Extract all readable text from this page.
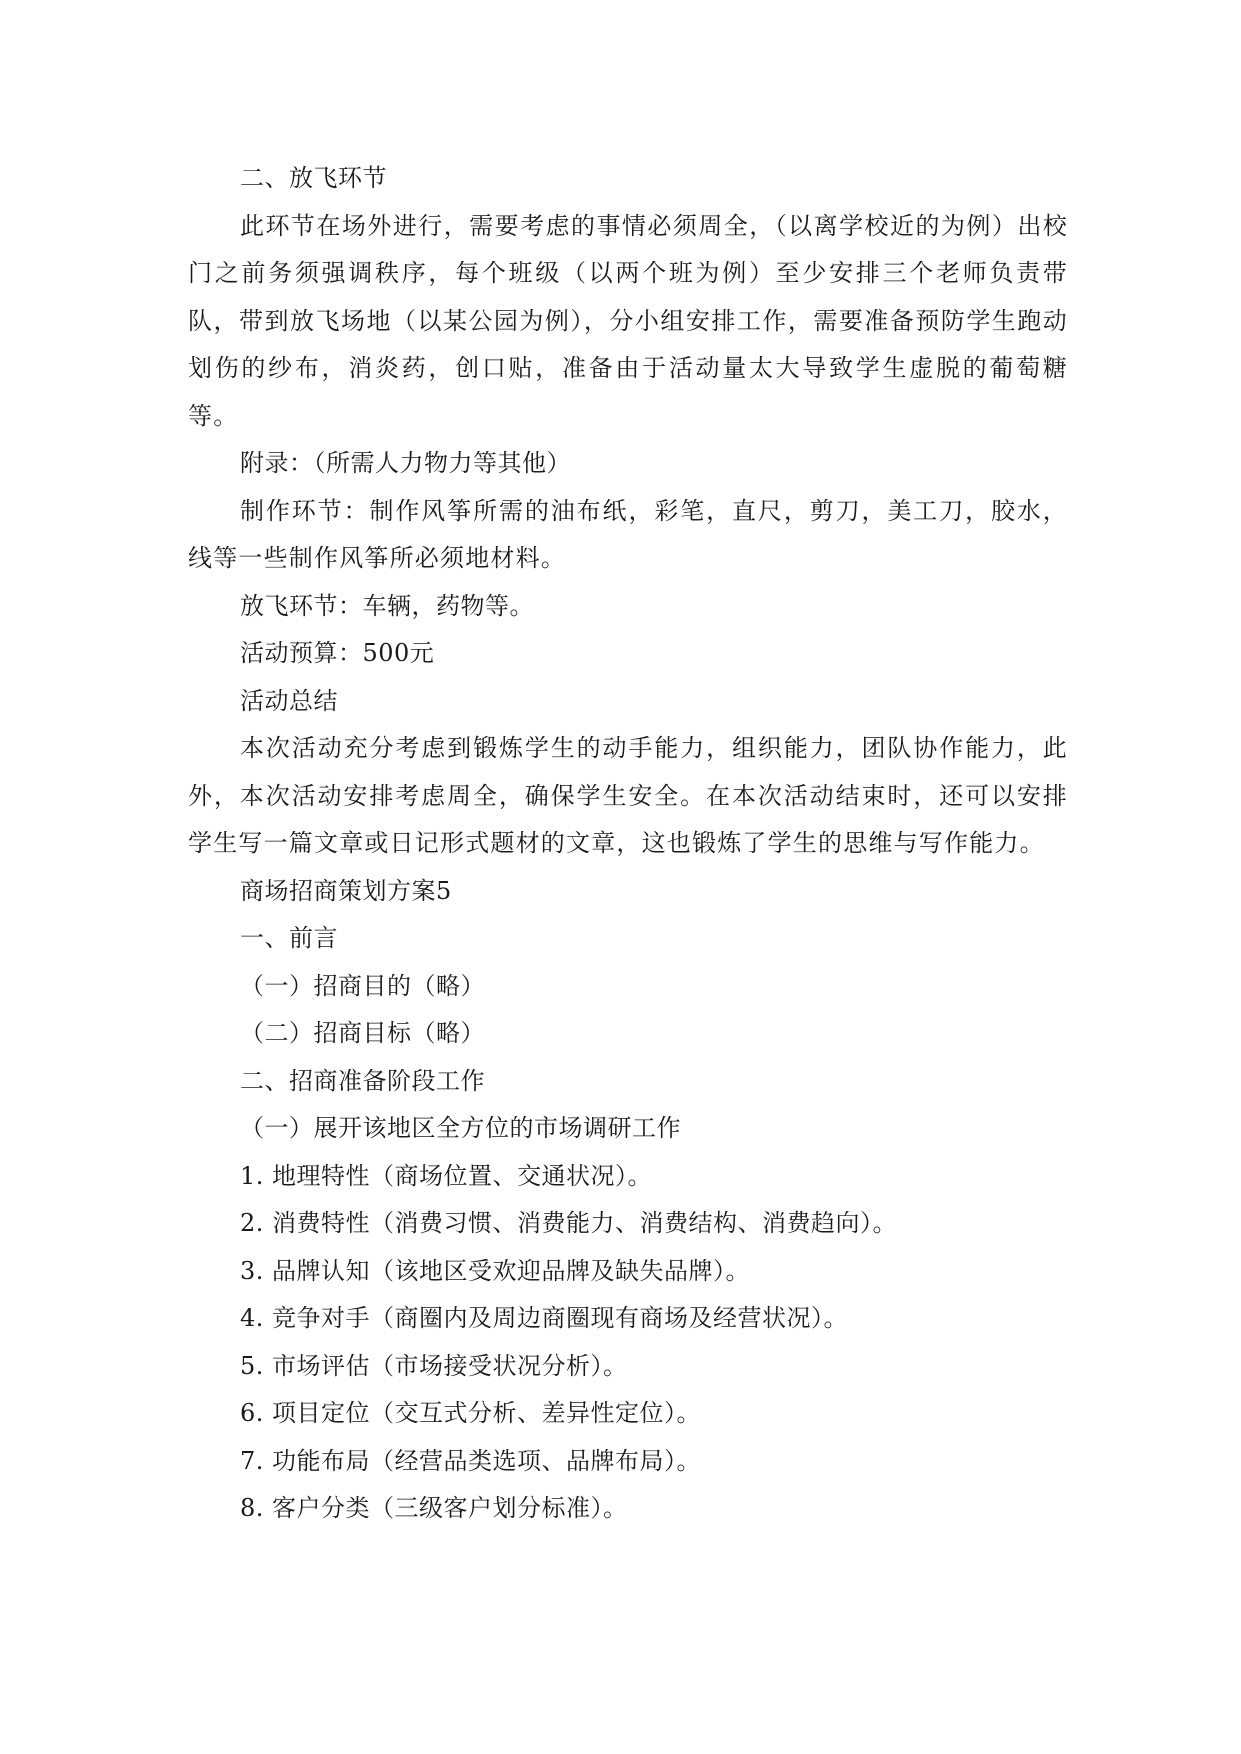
二、放飞环节

此环节在场外进行，需要考虑的事情必须周全，（以离学校近的为例）出校门之前务须强调秩序，每个班级（以两个班为例）至少安排三个老师负责带队，带到放飞场地（以某公园为例），分小组安排工作，需要准备预防学生跑动划伤的纱布，消炎药，创口贴，准备由于活动量太大导致学生虚脱的葡萄糖等。

附录：（所需人力物力等其他）

制作环节：制作风筝所需的油布纸，彩笔，直尺，剪刀，美工刀，胶水，线等一些制作风筝所必须地材料。

放飞环节：车辆，药物等。

活动预算：500元

活动总结

本次活动充分考虑到锻炼学生的动手能力，组织能力，团队协作能力，此外，本次活动安排考虑周全，确保学生安全。在本次活动结束时，还可以安排学生写一篇文章或日记形式题材的文章，这也锻炼了学生的思维与写作能力。

商场招商策划方案5

一、前言

（一）招商目的（略）

（二）招商目标（略）

二、招商准备阶段工作

（一）展开该地区全方位的市场调研工作

1. 地理特性（商场位置、交通状况）。

2. 消费特性（消费习惯、消费能力、消费结构、消费趋向）。

3. 品牌认知（该地区受欢迎品牌及缺失品牌）。

4. 竞争对手（商圈内及周边商圈现有商场及经营状况）。

5. 市场评估（市场接受状况分析）。

6. 项目定位（交互式分析、差异性定位）。

7. 功能布局（经营品类选项、品牌布局）。

8. 客户分类（三级客户划分标准）。
